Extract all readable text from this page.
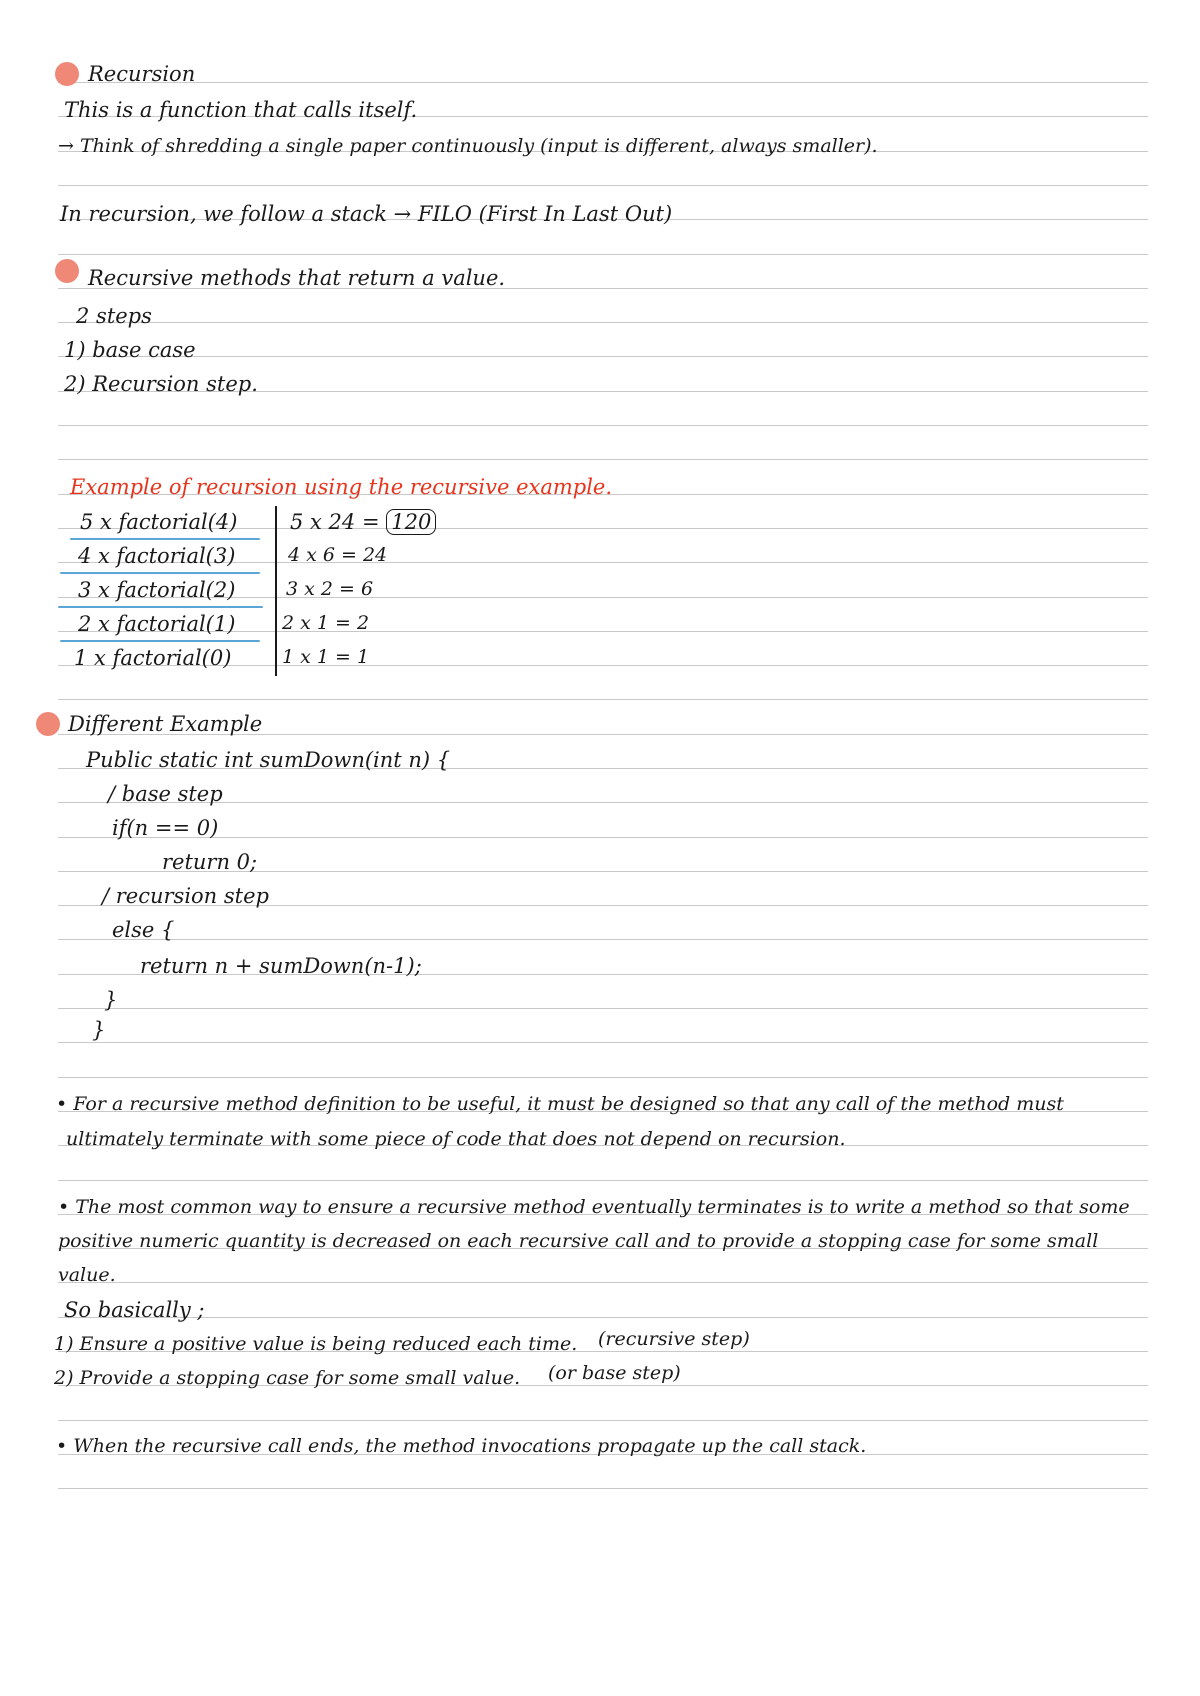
Recursion
This is a function that calls itself.
→ Think of shredding a single paper continuously (input is different, always smaller).
In recursion, we follow a stack → FILO (First In Last Out)
Recursive methods that return a value.
2 steps
1) base case
2) Recursion step.
Example of recursion using the recursive example.
5 x factorial(4)
4 x factorial(3)
3 x factorial(2)
2 x factorial(1)
1 x factorial(0)
5 x 24 = 120
4 x 6 = 24
3 x 2 = 6
2 x 1 = 2
1 x 1 = 1
Different Example
Public static int sumDown(int n) {
/ base step
if(n == 0)
return 0;
/ recursion step
else {
return n + sumDown(n-1);
}
}
• For a recursive method definition to be useful, it must be designed so that any call of the method must
ultimately terminate with some piece of code that does not depend on recursion.
• The most common way to ensure a recursive method eventually terminates is to write a method so that some
positive numeric quantity is decreased on each recursive call and to provide a stopping case for some small
value.
So basically ;
1) Ensure a positive value is being reduced each time. (recursive step)
2) Provide a stopping case for some small value. (or base step)
• When the recursive call ends, the method invocations propagate up the call stack.
